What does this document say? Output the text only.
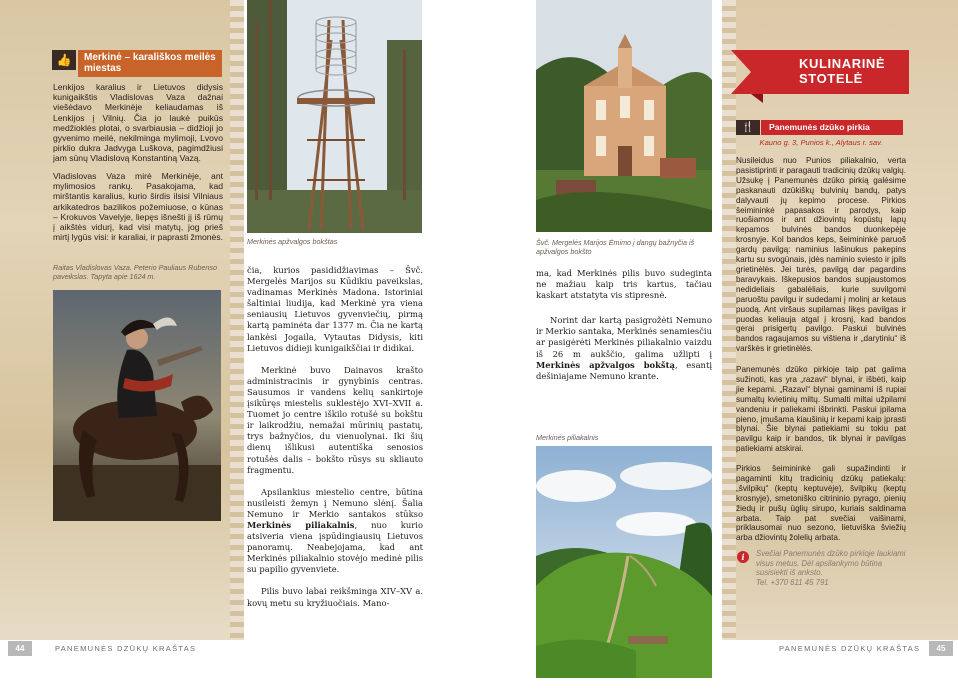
👍	Merkinė – karališkos meilės miestas
Lenkijos karalius ir Lietuvos didysis kunigaikštis Vladislovas Vaza dažnai viešėdavo Merkinėje keliaudamas iš Lenkijos į Vilnių. Čia jo laukė puikūs medžioklės plotai, o svarbiausia – didžioji jo gyvenimo meilė, nekilminga mylimoji, Lvovo pirklio dukra Jadvyga Luškova, pagimdžiusi jam sūnų Vladislovą Konstantiną Vazą.
Vladislovas Vaza mirė Merkinėje, ant mylimosios rankų. Pasakojama, kad mirštantis karalius, kurio širdis ilsisi Vilniaus arkikatedros bazilikos požemiuose, o kūnas – Krokuvos Vavelyje, liepęs išnešti jį iš rūmų į aikštės vidurį, kad visi matytų, jog prieš mirtį lygūs visi: ir karaliai, ir paprasti žmonės.
Raitas Vladislovas Vaza. Peterio Pauliaus Rubenso paveikslas. Tapyta apie 1624 m.
Merkinės apžvalgos bokštas

čia, kurios pasididžiavimas – Švč. Mergelės Marijos su Kūdikiu paveikslas, vadinamas Merkinės Madona. Istoriniai šaltiniai liudija, kad Merkinė yra viena seniausių Lietuvos gyvenviečių, pirmą kartą paminėta dar 1377 m. Čia ne kartą lankėsi Jogaila, Vytautas Didysis, kiti Lietuvos didieji kunigaikščiai ir didikai.

Merkinė buvo Dainavos krašto administracinis ir gynybinis centras. Sausumos ir vandens kelių sankirtoje įsikūręs miestelis suklestėjo XVI–XVII a. Tuomet jo centre iškilo rotušė su bokštu ir laikrodžiu, nemažai mūrinių pastatų, trys bažnyčios, du vienuolynai. Iki šių dienų išlikusi autentiška senosios rotušės dalis – bokšto rūsys su skliauto fragmentu.

Apsilankius miestelio centre, būtina nusileisti žemyn į Nemuno slėnį. Šalia Nemuno ir Merkio santakos stūkso Merkinės piliakalnis, nuo kurio atsiveria viena įspūdingiausių Lietuvos panoramų. Neabejojama, kad ant Merkinės piliakalnio stovėjo medinė pilis su papilio gyvenviete.

Pilis buvo labai reikšminga XIV–XV a. kovų metu su kryžiuočiais. Mano-

44	PANEMUNĖS DZŪKŲ KRAŠTAS
Švč. Mergelės Marijos Ėmimo į dangų bažnyčia iš apžvalgos bokšto

ma, kad Merkinės pilis buvo sudeginta ne mažiau kaip tris kartus, tačiau kaskart atstatyta vis stipresnė.

Norint dar kartą pasigrožėti Nemuno ir Merkio santaka, Merkinės senamiesčiu ar pasigėrėti Merkinės piliakalnio vaizdu iš 26 m aukščio, galima užlipti į Merkinės apžvalgos bokštą, esantį dešiniajame Nemuno krante.

Merkinės piliakalnis
KULINARINĖ STOTELĖ
🍴	Panemunės dzūko pirkia
Kauno g. 3, Punios k., Alytaus r. sav.
Nusileidus nuo Punios piliakalnio, verta pasistiprinti ir paragauti tradicinių dzūkų valgių. Užsukę į Panemunės dzūko pirkią galėsime paskanauti dzūkiškų bulvinių bandų, patys dalyvauti jų kepimo procese. Pirkios šeimininkė papasakos ir parodys, kaip ruošiamos ir ant džiovintų kopūstų lapų kepamos bulvinės bandos duonkepėje krosnyje. Kol bandos keps, šeimininkė paruoš gardų pavilgą: naminius lašinukus pakepins kartu su svogūnais, įdės naminio sviesto ir įpils grietinėlės. Jei turės, pavilgą dar pagardins baravykais. Iškepusios bandos supjaustomos nedideliais gabalėliais, kurie suvilgomi paruoštu pavilgu ir sudedami į molinį ar ketaus puodą. Ant viršaus supilamas likęs pavilgas ir puodas keliauja atgal į krosnį, kad bandos gerai prisigertų pavilgo. Paskui bulvinės bandos ragaujamos su vištiena ir „darytiniu“ iš varškės ir grietinėlės.
Panemunės dzūko pirkioje taip pat galima sužinoti, kas yra „razavi“ blynai, ir išbėti, kaip jie kepami. „Razavi“ blynai gaminami iš rupiai sumaltų kvietinių miltų. Sumalti miltai užpilami vandeniu ir paliekami išbrinkti. Paskui įpilama pieno, įmušama kiaušinių ir kepami kaip įprasti blynai. Šie blynai patiekiami su tokiu pat pavilgu kaip ir bandos, tik blynai ir pavilgas patiekiami atskirai.
Pirkios šeimininkė gali supažindinti ir pagaminti kitų tradicinių dzūkų patiekalų: „švilpikų“ (keptų keptuvėje), švilpikų (keptų krosnyje), smetoniško citrininio pyrago, pienių žiedų ir pušų ūglių sirupo, kuriais saldinama arbata. Taip pat svečiai vaišinami, priklausomai nuo sezono, lietuviška šviežių arba džiovintų žolelių arbata.
i	Svečiai Panemunės dzūko pirkioje laukiami visus metus. Dėl apsilankymo būtina susisiekti iš anksto.
Tel. +370 611 45 791
PANEMUNĖS DZŪKŲ KRAŠTAS	45
